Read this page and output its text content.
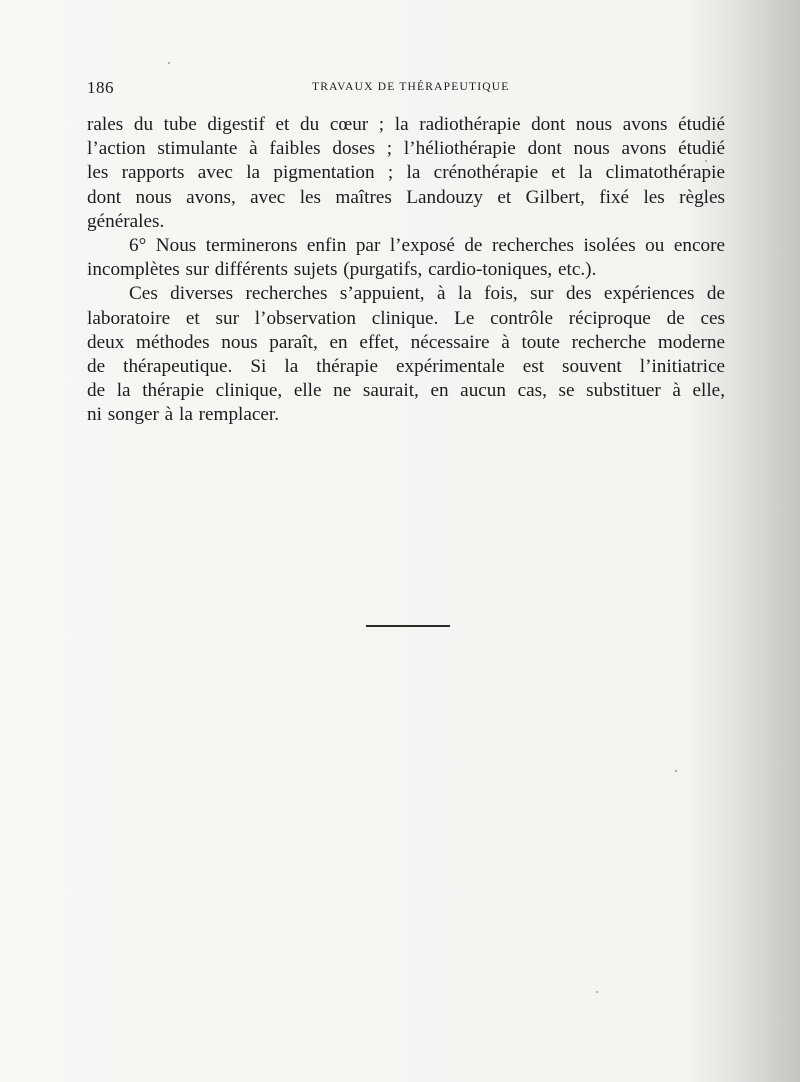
186	TRAVAUX DE THÉRAPEUTIQUE
rales du tube digestif et du cœur ; la radiothérapie dont nous avons étudié
l’action stimulante à faibles doses ; l’héliothérapie dont nous avons étudié
les rapports avec la pigmentation ; la crénothérapie et la climatothérapie
dont nous avons, avec les maîtres Landouzy et Gilbert, fixé les règles
générales.
6° Nous terminerons enfin par l’exposé de recherches isolées ou encore
incomplètes sur différents sujets (purgatifs, cardio-toniques, etc.).
Ces diverses recherches s’appuient, à la fois, sur des expériences de
laboratoire et sur l’observation clinique. Le contrôle réciproque de ces
deux méthodes nous paraît, en effet, nécessaire à toute recherche moderne
de thérapeutique. Si la thérapie expérimentale est souvent l’initiatrice
de la thérapie clinique, elle ne saurait, en aucun cas, se substituer à elle,
ni songer à la remplacer.
